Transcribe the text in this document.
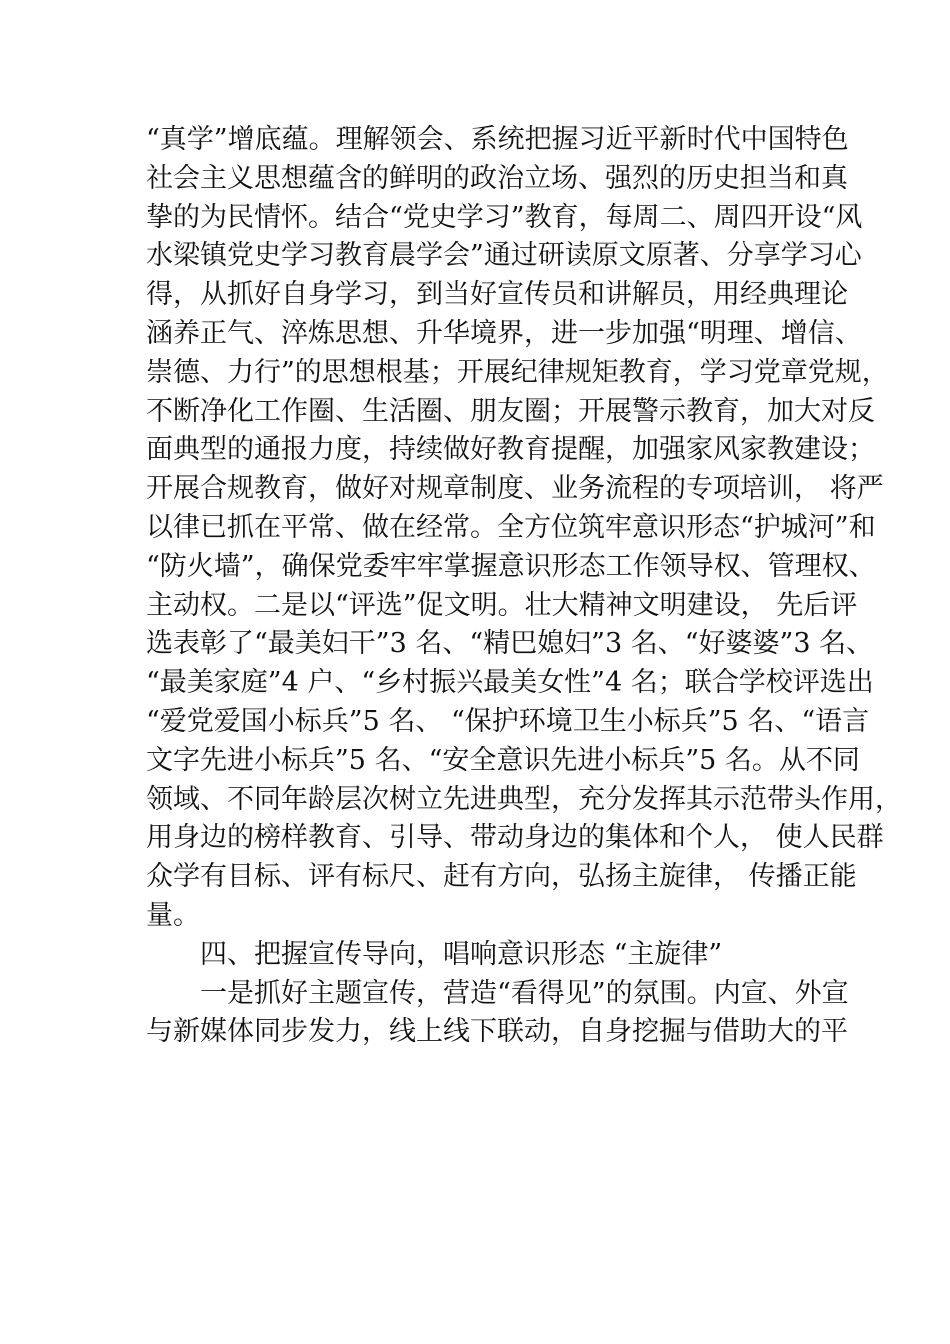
“真学”增底蕴。理解领会、系统把握习近平新时代中国特色
社会主义思想蕴含的鲜明的政治立场、强烈的历史担当和真
挚的为民情怀。结合“党史学习”教育，每周二、周四开设“风
水梁镇党史学习教育晨学会”通过研读原文原著、分享学习心
得，从抓好自身学习，到当好宣传员和讲解员，用经典理论
涵养正气、淬炼思想、升华境界，进一步加强“明理、增信、
崇德、力行”的思想根基；开展纪律规矩教育，学习党章党规，
不断净化工作圈、生活圈、朋友圈；开展警示教育，加大对反
面典型的通报力度，持续做好教育提醒，加强家风家教建设；
开展合规教育，做好对规章制度、业务流程的专项培训， 将严
以律已抓在平常、做在经常。全方位筑牢意识形态“护城河”和
“防火墙”，确保党委牢牢掌握意识形态工作领导权、管理权、
主动权。二是以“评选”促文明。壮大精神文明建设， 先后评
选表彰了“最美妇干”3 名、“精巴媳妇”3 名、“好婆婆”3 名、
“最美家庭”4 户、“乡村振兴最美女性”4 名；联合学校评选出
“爱党爱国小标兵”5 名、 “保护环境卫生小标兵”5 名、“语言
文字先进小标兵”5 名、“安全意识先进小标兵”5 名。从不同
领域、不同年龄层次树立先进典型，充分发挥其示范带头作用，
用身边的榜样教育、引导、带动身边的集体和个人， 使人民群
众学有目标、评有标尺、赶有方向，弘扬主旋律， 传播正能
量。
四、把握宣传导向，唱响意识形态 “主旋律”
一是抓好主题宣传，营造“看得见”的氛围。内宣、外宣
与新媒体同步发力，线上线下联动，自身挖掘与借助大的平
